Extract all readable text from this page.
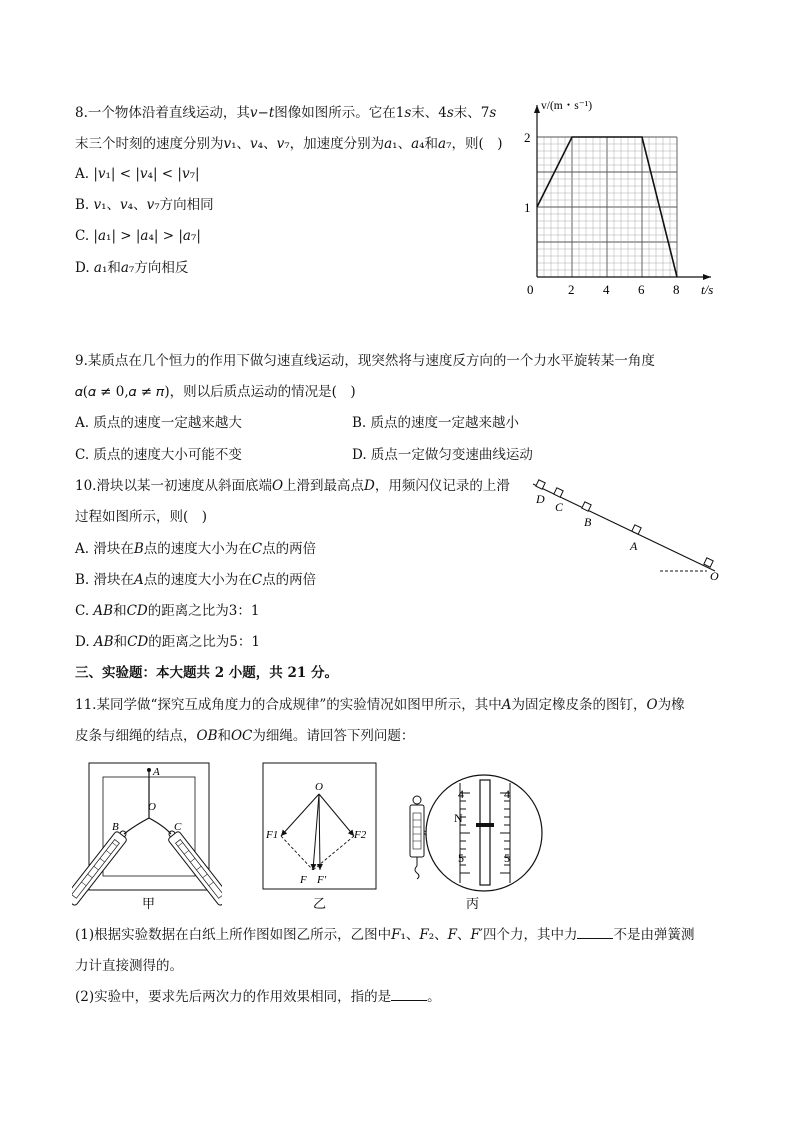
8.一个物体沿着直线运动，其𝑣−𝑡图像如图所示。它在1𝑠末、4𝑠末、7𝑠
末三个时刻的速度分别为𝑣₁、𝑣₄、𝑣₇，加速度分别为𝑎₁、𝑎₄和𝑎₇，则(　)
A. |𝑣₁| < |𝑣₄| < |𝑣₇|
B. 𝑣₁、𝑣₄、𝑣₇方向相同
C. |𝑎₁| > |𝑎₄| > |𝑎₇|
D. 𝑎₁和𝑎₇方向相反
0	2 4 6 8
1
2
t/s
v/(m・s⁻¹)
9.某质点在几个恒力的作用下做匀速直线运动，现突然将与速度反方向的一个力水平旋转某一角度
𝛼(𝛼 ≠ 0,𝛼 ≠ 𝜋)，则以后质点运动的情况是(　)
A. 质点的速度一定越来越大	B. 质点的速度一定越来越小
C. 质点的速度大小可能不变	D. 质点一定做匀变速曲线运动
10.滑块以某一初速度从斜面底端𝑂上滑到最高点𝐷，用频闪仪记录的上滑
过程如图所示，则(　)
A. 滑块在𝐵点的速度大小为在𝐶点的两倍
B. 滑块在𝐴点的速度大小为在𝐶点的两倍
C. 𝐴𝐵和𝐶𝐷的距离之比为3：1
D. 𝐴𝐵和𝐶𝐷的距离之比为5：1
D
C
B
A
O
三、实验题：本大题共 2 小题，共 21 分。
11.某同学做“探究互成角度力的合成规律”的实验情况如图甲所示，其中𝐴为固定橡皮条的图钉，𝑂为橡
皮条与细绳的结点，𝑂𝐵和𝑂𝐶为细绳。请回答下列问题：
A
O
B	C
甲
O
F1	F2
F F′
乙
4	4
N
5	5
丙
(1)根据实验数据在白纸上所作图如图乙所示，乙图中𝐹₁、𝐹₂、𝐹、𝐹′四个力，其中力	不是由弹簧测
力计直接测得的。
(2)实验中，要求先后两次力的作用效果相同，指的是	。
